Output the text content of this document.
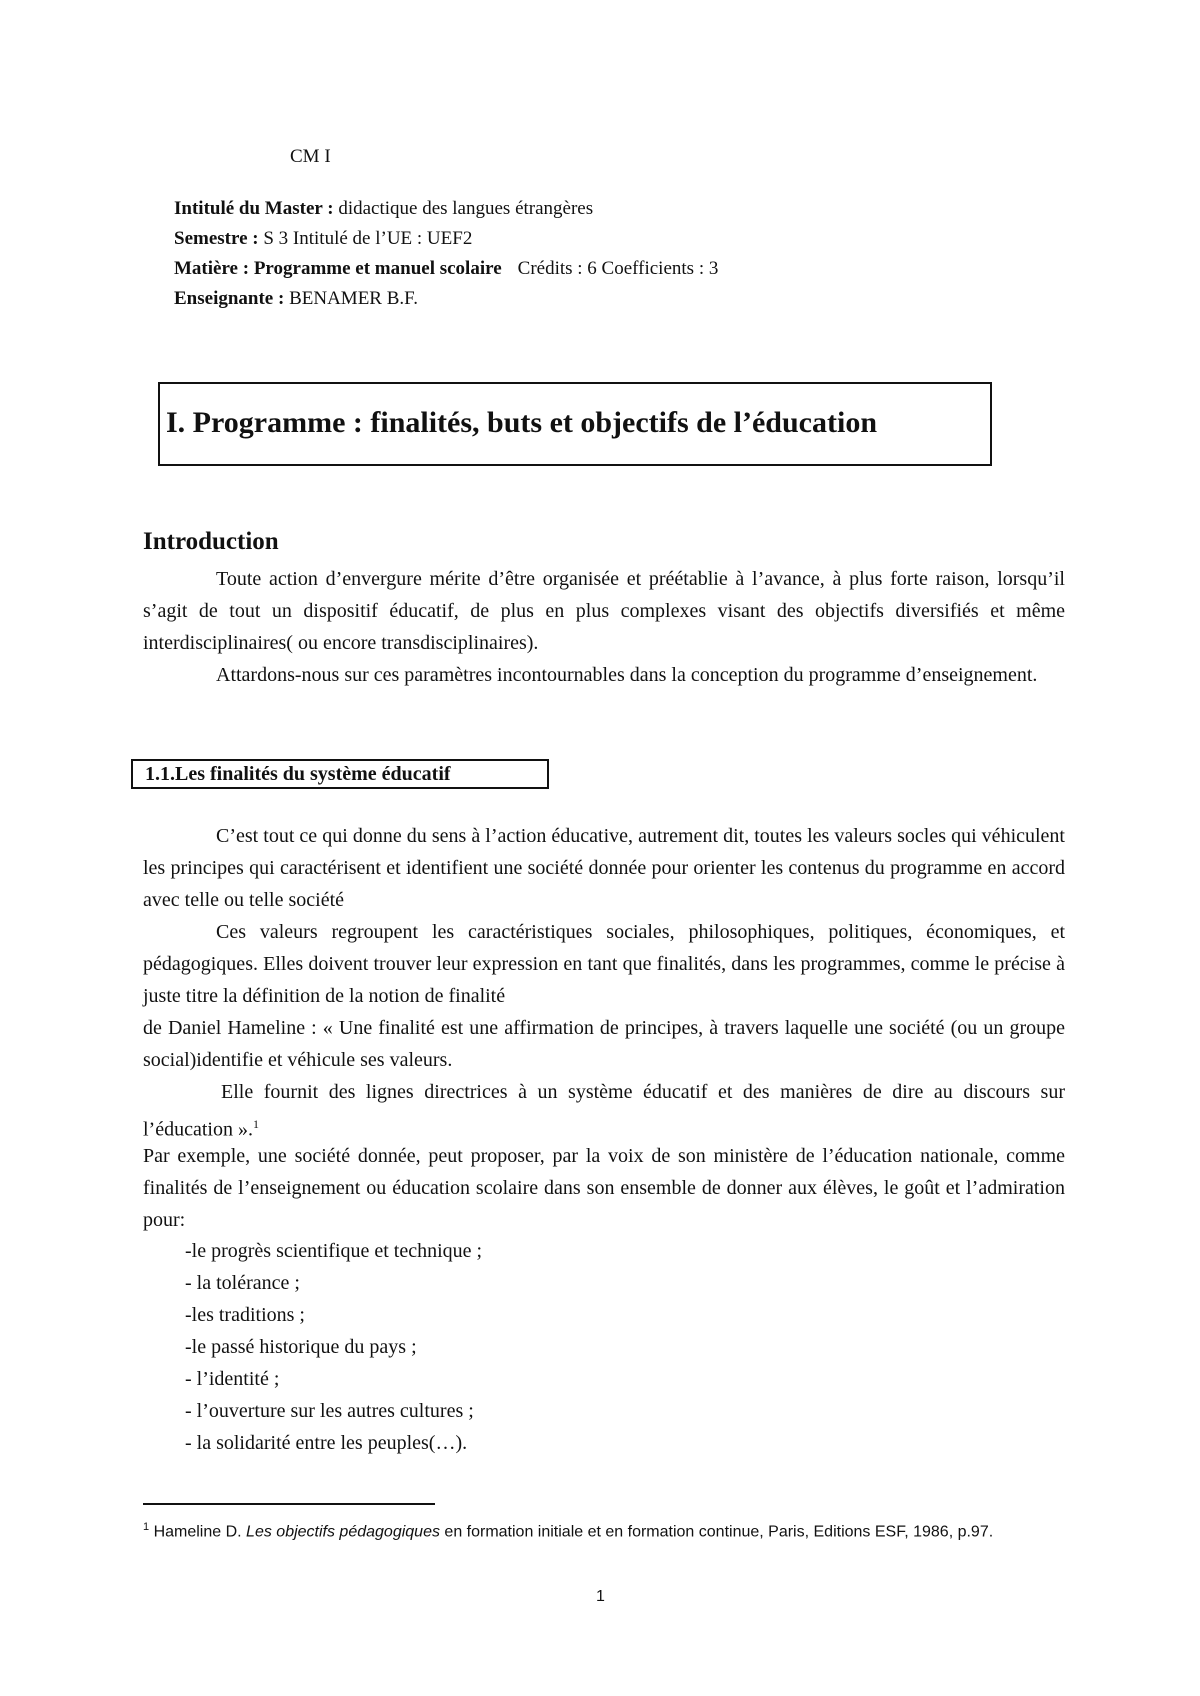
CM I
Intitulé du Master : didactique des langues étrangères
Semestre : S 3 Intitulé de l’UE : UEF2
Matière : Programme et manuel scolaire Crédits : 6 Coefficients : 3
Enseignante : BENAMER B.F.
I. Programme : finalités, buts et objectifs de l’éducation
Introduction

Toute action d’envergure mérite d’être organisée et préétablie à l’avance, à plus forte raison, lorsqu’il s’agit de tout un dispositif éducatif, de plus en plus complexes visant des objectifs diversifiés et même interdisciplinaires( ou encore transdisciplinaires).

Attardons-nous sur ces paramètres incontournables dans la conception du programme d’enseignement.

1.1.Les finalités du système éducatif

C’est tout ce qui donne du sens à l’action éducative, autrement dit, toutes les valeurs socles qui véhiculent les principes qui caractérisent et identifient une société donnée pour orienter les contenus du programme en accord avec telle ou telle société

Ces valeurs regroupent les caractéristiques sociales, philosophiques, politiques, économiques, et pédagogiques. Elles doivent trouver leur expression en tant que finalités, dans les programmes, comme le précise à juste titre la définition de la notion de finalité

de Daniel Hameline : « Une finalité est une affirmation de principes, à travers laquelle une société (ou un groupe social)identifie et véhicule ses valeurs.

Elle fournit des lignes directrices à un système éducatif et des manières de dire au discours sur l’éducation ».$^1$

Par exemple, une société donnée, peut proposer, par la voix de son ministère de l’éducation nationale, comme finalités de l’enseignement ou éducation scolaire dans son ensemble de donner aux élèves, le goût et l’admiration pour:

-le progrès scientifique et technique ;
- la tolérance ;
-les traditions ;
-le passé historique du pays ;
- l’identité ;
- l’ouverture sur les autres cultures ;
- la solidarité entre les peuples(…).
$^1$ Hameline D. Les objectifs pédagogiques en formation initiale et en formation continue, Paris, Editions ESF, 1986, p.97.
1
